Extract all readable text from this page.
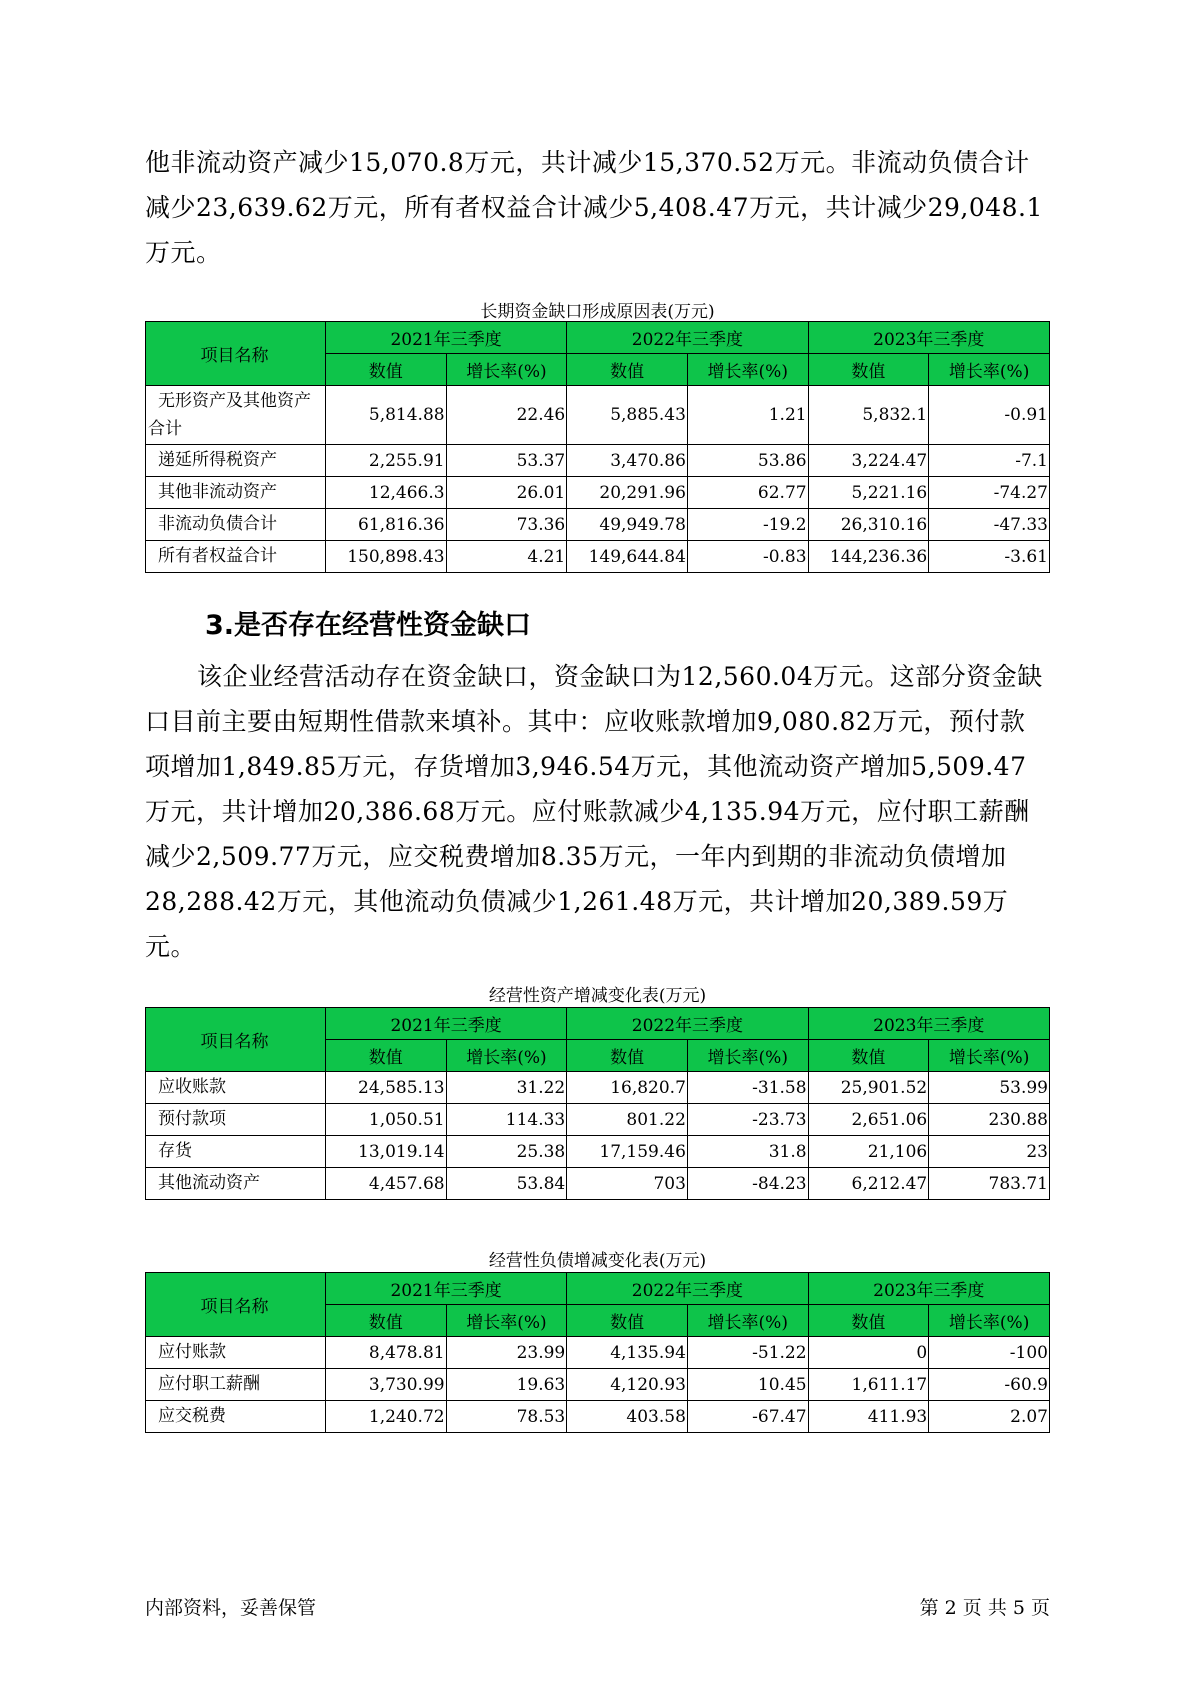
他非流动资产减少15,070.8万元，共计减少15,370.52万元。非流动负债合计减少23,639.62万元，所有者权益合计减少5,408.47万元，共计减少29,048.1万元。

长期资金缺口形成原因表(万元)

项目名称	2021年三季度		2022年三季度		2023年三季度	
	数值	增长率(%)	数值	增长率(%)	数值	增长率(%)
无形资产及其他资产合计	5,814.88	22.46	5,885.43	1.21	5,832.1	-0.91
递延所得税资产	2,255.91	53.37	3,470.86	53.86	3,224.47	-7.1
其他非流动资产	12,466.3	26.01	20,291.96	62.77	5,221.16	-74.27
非流动负债合计	61,816.36	73.36	49,949.78	-19.2	26,310.16	-47.33
所有者权益合计	150,898.43	4.21	149,644.84	-0.83	144,236.36	-3.61

3.是否存在经营性资金缺口

该企业经营活动存在资金缺口，资金缺口为12,560.04万元。这部分资金缺口目前主要由短期性借款来填补。其中：应收账款增加9,080.82万元，预付款项增加1,849.85万元，存货增加3,946.54万元，其他流动资产增加5,509.47万元，共计增加20,386.68万元。应付账款减少4,135.94万元，应付职工薪酬减少2,509.77万元，应交税费增加8.35万元，一年内到期的非流动负债增加28,288.42万元，其他流动负债减少1,261.48万元，共计增加20,389.59万元。

经营性资产增减变化表(万元)

项目名称	2021年三季度		2022年三季度		2023年三季度	
	数值	增长率(%)	数值	增长率(%)	数值	增长率(%)
应收账款	24,585.13	31.22	16,820.7	-31.58	25,901.52	53.99
预付款项	1,050.51	114.33	801.22	-23.73	2,651.06	230.88
存货	13,019.14	25.38	17,159.46	31.8	21,106	23
其他流动资产	4,457.68	53.84	703	-84.23	6,212.47	783.71

经营性负债增减变化表(万元)

项目名称	2021年三季度		2022年三季度		2023年三季度	
	数值	增长率(%)	数值	增长率(%)	数值	增长率(%)
应付账款	8,478.81	23.99	4,135.94	-51.22	0	-100
应付职工薪酬	3,730.99	19.63	4,120.93	10.45	1,611.17	-60.9
应交税费	1,240.72	78.53	403.58	-67.47	411.93	2.07

内部资料，妥善保管	第 2 页 共 5 页
